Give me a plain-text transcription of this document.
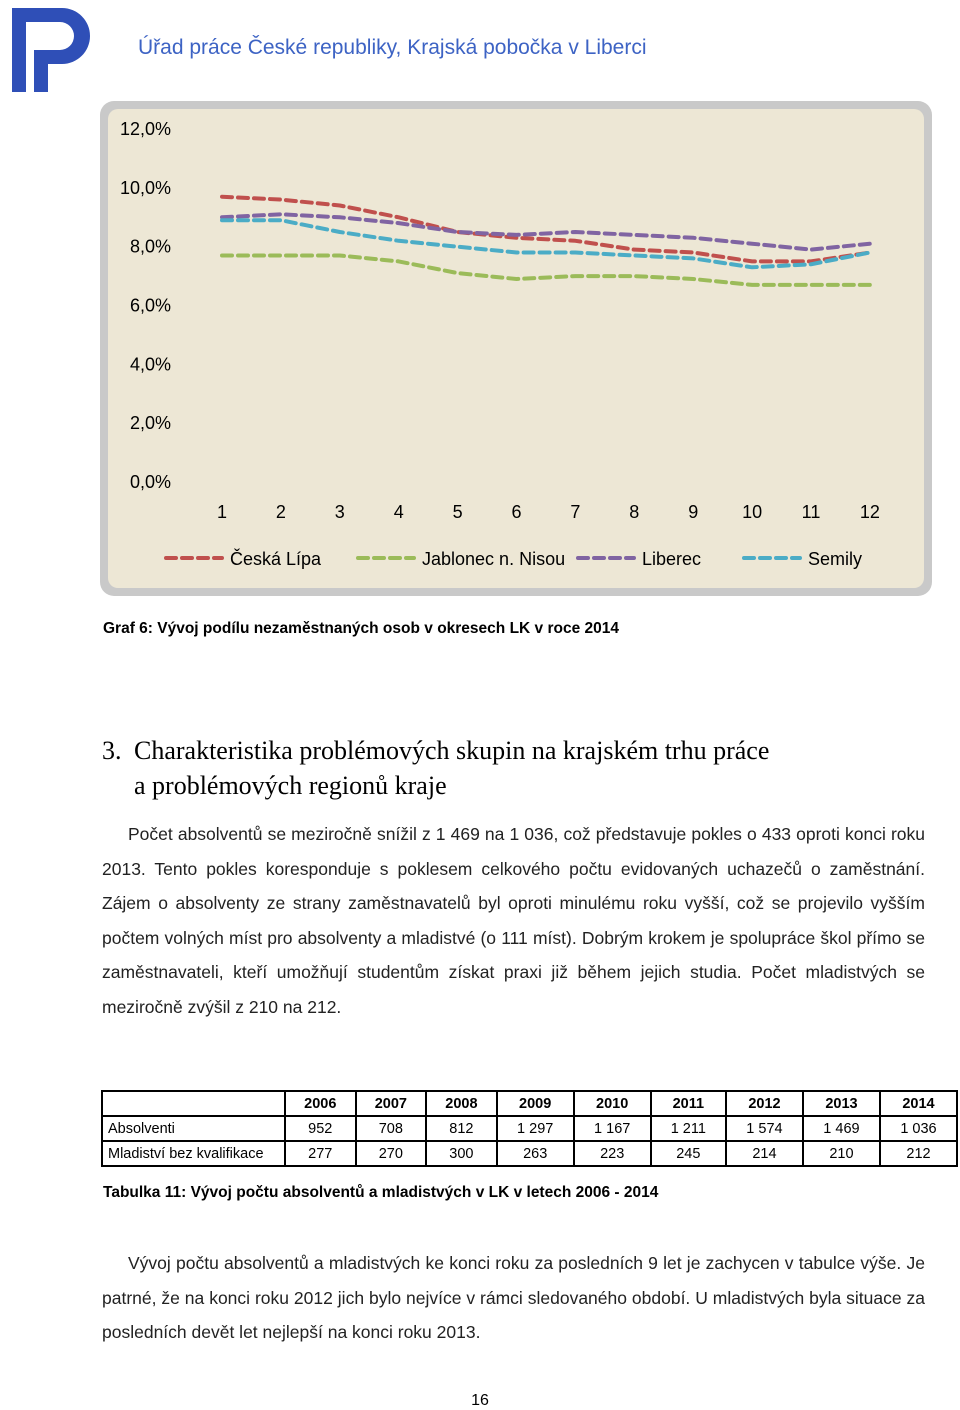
Úřad práce České republiky, Krajská pobočka v Liberci
0,0%
2,0%
4,0%
6,0%
8,0%
10,0%
12,0%
1	2	3	4	5	6	7	8	9 10 11 12
Česká Lípa	Jablonec n. Nisou	Liberec	Semily
Graf 6: Vývoj podílu nezaměstnaných osob v okresech LK v roce 2014
3. Charakteristika problémových skupin na krajském trhu práce
a problémových regionů kraje
Počet absolventů se meziročně snížil z 1 469 na 1 036, což představuje pokles o 433 oproti konci roku 2013. Tento pokles koresponduje s poklesem celkového počtu evidovaných uchazečů o zaměstnání. Zájem o absolventy ze strany zaměstnavatelů byl oproti minulému roku vyšší, což se projevilo vyšším počtem volných míst pro absolventy a mladistvé (o 111 míst). Dobrým krokem je spolupráce škol přímo se zaměstnavateli, kteří umožňují studentům získat praxi již během jejich studia. Počet mladistvých se meziročně zvýšil z 210 na 212.
	2006	2007	2008	2009	2010	2011	2012	2013	2014
Absolventi	952	708	812	1 297	1 167	1 211	1 574	1 469	1 036
Mladiství bez kvalifikace	277	270	300	263	223	245	214	210	212
Tabulka 11: Vývoj počtu absolventů a mladistvých v LK v letech 2006 - 2014
Vývoj počtu absolventů a mladistvých ke konci roku za posledních 9 let je zachycen v tabulce výše. Je patrné, že na konci roku 2012 jich bylo nejvíce v rámci sledovaného období. U mladistvých byla situace za posledních devět let nejlepší na konci roku 2013.
16
